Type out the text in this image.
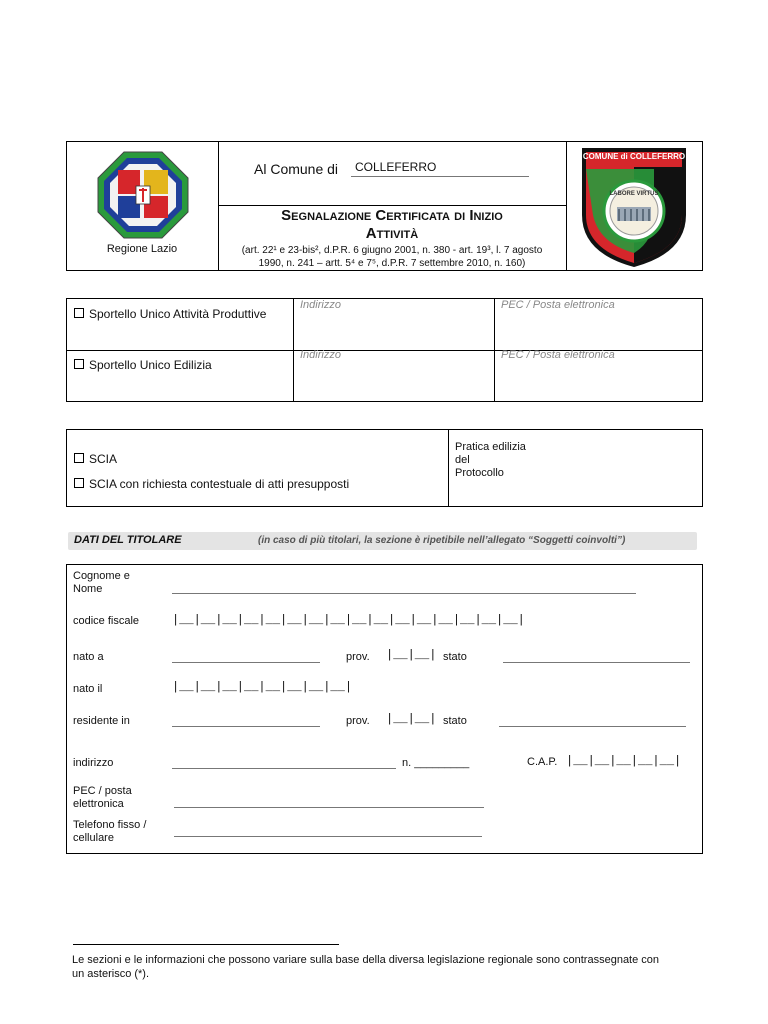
Regione Lazio
Al Comune di COLLEFERRO
Segnalazione Certificata di Inizio
Attività
(art. 22¹ e 23-bis², d.P.R. 6 giugno 2001, n. 380 - art. 19³, l. 7 agosto
1990, n. 241 – artt. 5⁴ e 7⁵, d.P.R. 7 settembre 2010, n. 160)
COMUNE di COLLEFERRO
LABORE VIRTUS
Sportello Unico Attività Produttive
Indirizzo	PEC / Posta elettronica
Sportello Unico Edilizia
Indirizzo	PEC / Posta elettronica
SCIA
SCIA con richiesta contestuale di atti presupposti
Pratica edilizia
del
Protocollo
DATI DEL TITOLARE	(in caso di più titolari, la sezione è ripetibile nell’allegato “Soggetti coinvolti”)
Cognome e
Nome
codice fiscale	|__|__|__|__|__|__|__|__|__|__|__|__|__|__|__|__|
nato a	prov. |__|__| stato
nato il	|__|__|__|__|__|__|__|__|
residente in	prov. |__|__| stato
indirizzo	n. _________	C.A.P. |__|__|__|__|__|
PEC / posta
elettronica
Telefono fisso /
cellulare
Le sezioni e le informazioni che possono variare sulla base della diversa legislazione regionale sono contrassegnate con
un asterisco (*).
